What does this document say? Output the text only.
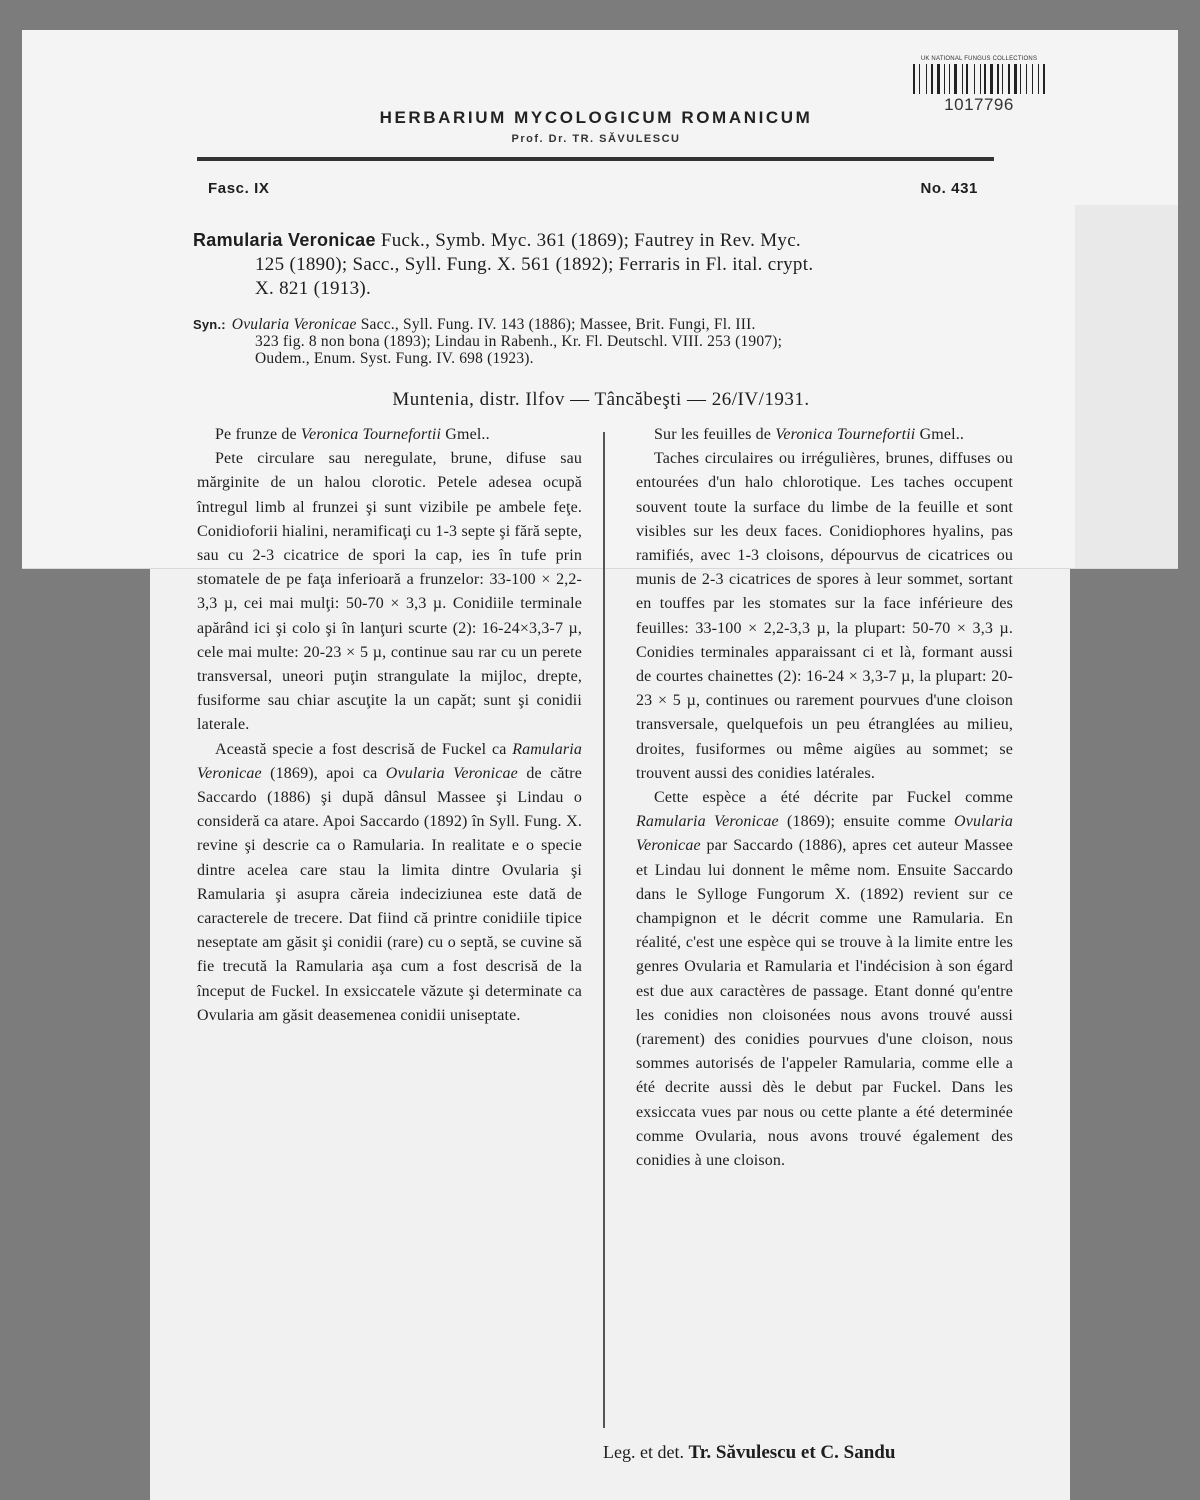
UK NATIONAL FUNGUS COLLECTIONS
1017796
HERBARIUM MYCOLOGICUM ROMANICUM
Prof. Dr. TR. SĂVULESCU
Fasc. IX	No. 431
Ramularia Veronicae Fuck., Symb. Myc. 361 (1869); Fautrey in Rev. Myc.
125 (1890); Sacc., Syll. Fung. X. 561 (1892); Ferraris in Fl. ital. crypt.
X. 821 (1913).
Syn.: Ovularia Veronicae Sacc., Syll. Fung. IV. 143 (1886); Massee, Brit. Fungi, Fl. III.
323 fig. 8 non bona (1893); Lindau in Rabenh., Kr. Fl. Deutschl. VIII. 253 (1907);
Oudem., Enum. Syst. Fung. IV. 698 (1923).
Muntenia, distr. Ilfov — Tâncăbeşti — 26/IV/1931.

Pe frunze de Veronica Tournefortii Gmel..

Pete circulare sau neregulate, brune, difuse sau mărginite de un halou clorotic. Petele adesea ocupă întregul limb al frunzei şi sunt vizibile pe ambele feţe. Conidioforii hialini, neramificaţi cu 1-3 septe şi fără septe, sau cu 2-3 cicatrice de spori la cap, ies în tufe prin stomatele de pe faţa inferioară a frunzelor: 33-100 × 2,2-3,3 µ, cei mai mulţi: 50-70 × 3,3 µ. Conidiile terminale apărând ici şi colo şi în lanţuri scurte (2): 16-24×3,3-7 µ, cele mai multe: 20-23 × 5 µ, continue sau rar cu un perete transversal, uneori puţin strangulate la mijloc, drepte, fusiforme sau chiar ascuţite la un capăt; sunt şi conidii laterale.

Această specie a fost descrisă de Fuckel ca Ramularia Veronicae (1869), apoi ca Ovularia Veronicae de către Saccardo (1886) şi după dânsul Massee şi Lindau o consideră ca atare. Apoi Saccardo (1892) în Syll. Fung. X. revine şi descrie ca o Ramularia. In realitate e o specie dintre acelea care stau la limita dintre Ovularia şi Ramularia şi asupra căreia indeciziunea este dată de caracterele de trecere. Dat fiind că printre conidiile tipice neseptate am găsit şi conidii (rare) cu o septă, se cuvine să fie trecută la Ramularia aşa cum a fost descrisă de la început de Fuckel. In exsiccatele văzute şi determinate ca Ovularia am găsit deasemenea conidii uniseptate.

Sur les feuilles de Veronica Tournefortii Gmel..

Taches circulaires ou irrégulières, brunes, diffuses ou entourées d'un halo chlorotique. Les taches occupent souvent toute la surface du limbe de la feuille et sont visibles sur les deux faces. Conidiophores hyalins, pas ramifiés, avec 1-3 cloisons, dépourvus de cicatrices ou munis de 2-3 cicatrices de spores à leur sommet, sortant en touffes par les stomates sur la face inférieure des feuilles: 33-100 × 2,2-3,3 µ, la plupart: 50-70 × 3,3 µ. Conidies terminales apparaissant ci et là, formant aussi de courtes chainettes (2): 16-24 × 3,3-7 µ, la plupart: 20-23 × 5 µ, continues ou rarement pourvues d'une cloison transversale, quelquefois un peu étranglées au milieu, droites, fusiformes ou même aigües au sommet; se trouvent aussi des conidies latérales.

Cette espèce a été décrite par Fuckel comme Ramularia Veronicae (1869); ensuite comme Ovularia Veronicae par Saccardo (1886), apres cet auteur Massee et Lindau lui donnent le même nom. Ensuite Saccardo dans le Sylloge Fungorum X. (1892) revient sur ce champignon et le décrit comme une Ramularia. En réalité, c'est une espèce qui se trouve à la limite entre les genres Ovularia et Ramularia et l'indécision à son égard est due aux caractères de passage. Etant donné qu'entre les conidies non cloisonées nous avons trouvé aussi (rarement) des conidies pourvues d'une cloison, nous sommes autorisés de l'appeler Ramularia, comme elle a été decrite aussi dès le debut par Fuckel. Dans les exsiccata vues par nous ou cette plante a été determinée comme Ovularia, nous avons trouvé également des conidies à une cloison.

Leg. et det. Tr. Săvulescu et C. Sandu
